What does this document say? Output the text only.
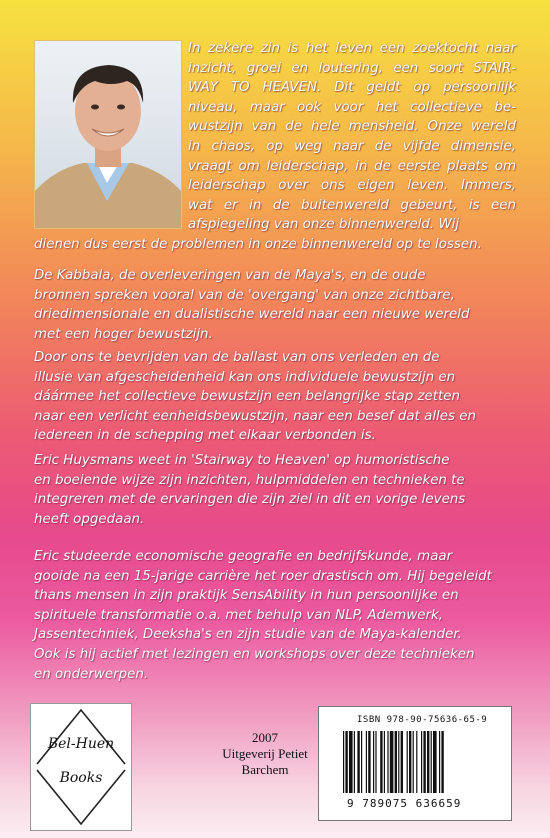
In zekere zin is het leven een zoektocht naar
inzicht, groei en loutering, een soort STAIR-
WAY TO HEAVEN. Dit geldt op persoonlijk
niveau, maar ook voor het collectieve be-
wustzijn van de hele mensheid. Onze wereld
in chaos, op weg naar de vijfde dimensie,
vraagt om leiderschap, in de eerste plaats om
leiderschap over ons eigen leven. Immers,
wat er in de buitenwereld gebeurt, is een
afspiegeling van onze binnenwereld. Wij

dienen dus eerst de problemen in onze binnenwereld op te lossen.

De Kabbala, de overleveringen van de Maya's, en de oude
bronnen spreken vooral van de 'overgang' van onze zichtbare,
driedimensionale en dualistische wereld naar een nieuwe wereld
met een hoger bewustzijn.

Door ons te bevrijden van de ballast van ons verleden en de
illusie van afgescheidenheid kan ons individuele bewustzijn en
dáármee het collectieve bewustzijn een belangrijke stap zetten
naar een verlicht eenheidsbewustzijn, naar een besef dat alles en
iedereen in de schepping met elkaar verbonden is.

Eric Huysmans weet in 'Stairway to Heaven' op humoristische
en boeiende wijze zijn inzichten, hulpmiddelen en technieken te
integreren met de ervaringen die zijn ziel in dit en vorige levens
heeft opgedaan.

Eric studeerde economische geografie en bedrijfskunde, maar
gooide na een 15-jarige carrière het roer drastisch om. Hij begeleidt
thans mensen in zijn praktijk SensAbility in hun persoonlijke en
spirituele transformatie o.a. met behulp van NLP, Ademwerk,
Jassentechniek, Deeksha's en zijn studie van de Maya-kalender.
Ook is hij actief met lezingen en workshops over deze technieken
en onderwerpen.

Bel-Huen
Books
2007
Uitgeverij Petiet
Barchem
ISBN 978-90-75636-65-9
9 789075 636659
